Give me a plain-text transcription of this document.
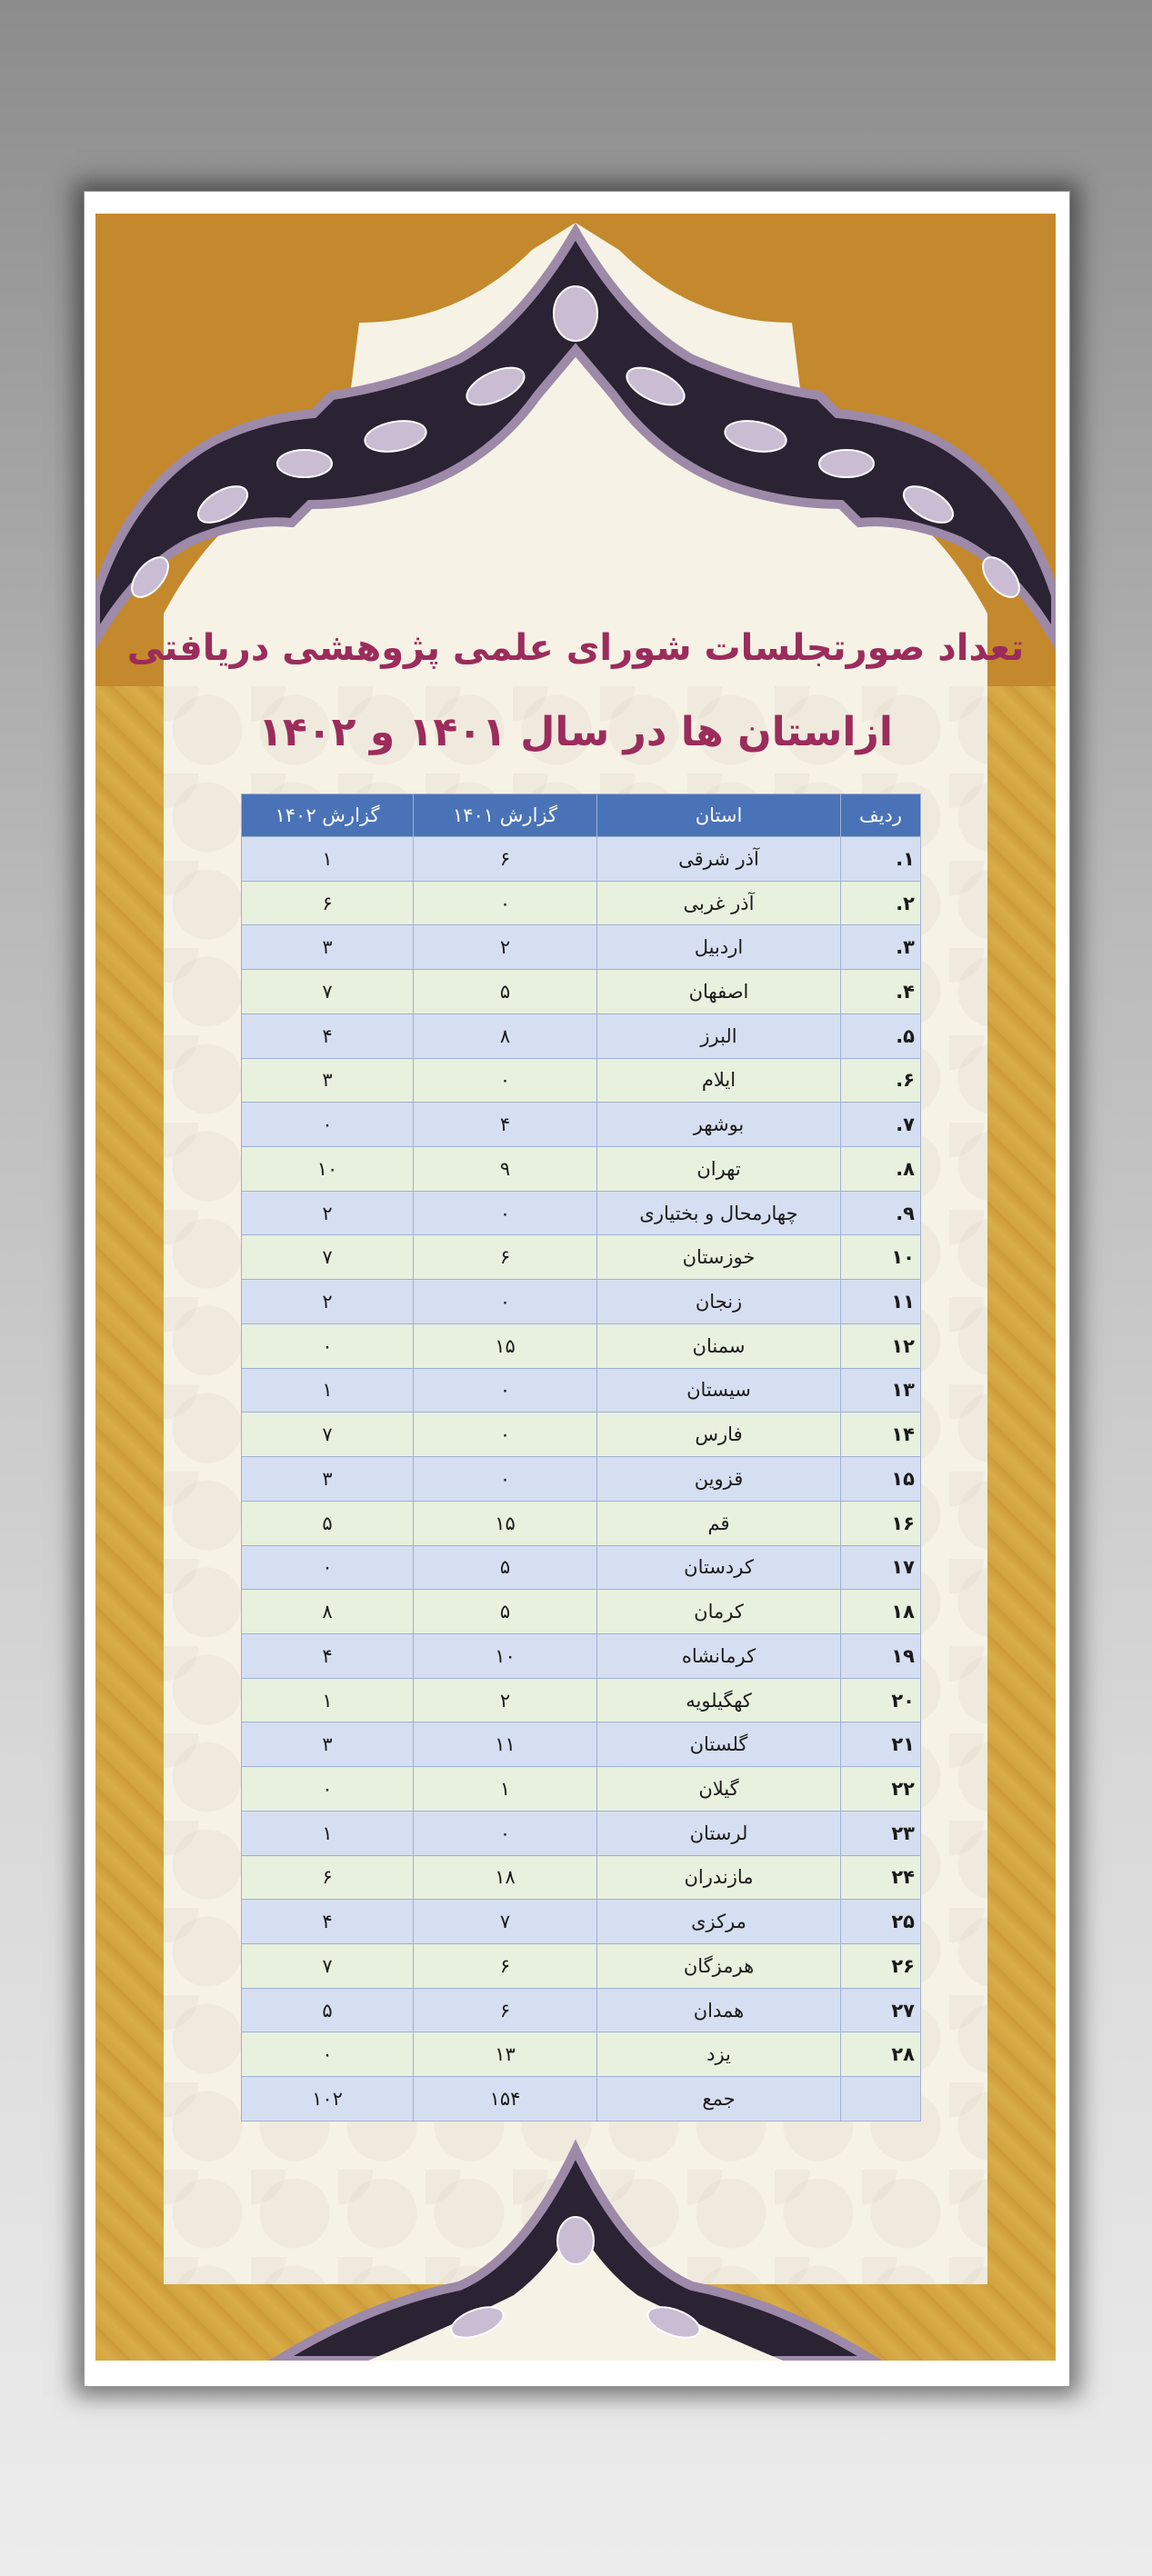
تعداد صورتجلسات شورای علمی پژوهشی دریافتی
ازاستان ها در سال ۱۴۰۱ و ۱۴۰۲
ردیف	استان	گزارش ۱۴۰۱	گزارش ۱۴۰۲
۱.	آذر شرقی	۶	۱
۲.	آذر غربی	۰	۶
۳.	اردبیل	۲	۳
۴.	اصفهان	۵	۷
۵.	البرز	۸	۴
۶.	ایلام	۰	۳
۷.	بوشهر	۴	۰
۸.	تهران	۹	۱۰
۹.	چهارمحال و بختیاری	۰	۲
۱۰	خوزستان	۶	۷
۱۱	زنجان	۰	۲
۱۲	سمنان	۱۵	۰
۱۳	سیستان	۰	۱
۱۴	فارس	۰	۷
۱۵	قزوین	۰	۳
۱۶	قم	۱۵	۵
۱۷	کردستان	۵	۰
۱۸	کرمان	۵	۸
۱۹	کرمانشاه	۱۰	۴
۲۰	کهگیلویه	۲	۱
۲۱	گلستان	۱۱	۳
۲۲	گیلان	۱	۰
۲۳	لرستان	۰	۱
۲۴	مازندران	۱۸	۶
۲۵	مرکزی	۷	۴
۲۶	هرمزگان	۶	۷
۲۷	همدان	۶	۵
۲۸	یزد	۱۳	۰
	جمع	۱۵۴	۱۰۲
